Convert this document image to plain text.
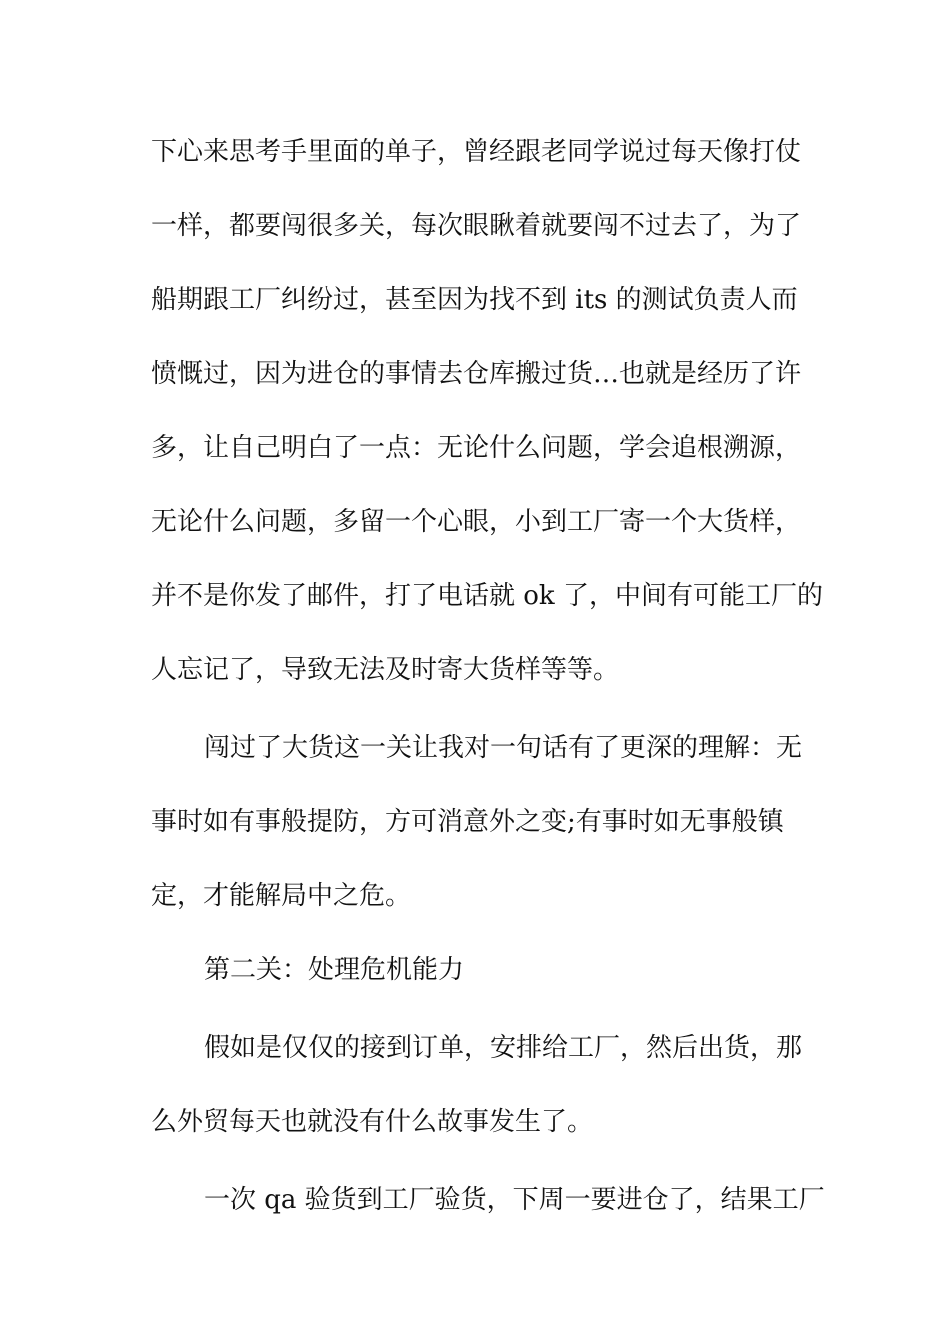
下心来思考手里面的单子，曾经跟老同学说过每天像打仗
一样，都要闯很多关，每次眼瞅着就要闯不过去了，为了
船期跟工厂纠纷过，甚至因为找不到 its 的测试负责人而
愤慨过，因为进仓的事情去仓库搬过货…也就是经历了许
多，让自己明白了一点：无论什么问题，学会追根溯源，
无论什么问题，多留一个心眼，小到工厂寄一个大货样，
并不是你发了邮件，打了电话就 ok 了，中间有可能工厂的
人忘记了，导致无法及时寄大货样等等。
闯过了大货这一关让我对一句话有了更深的理解：无
事时如有事般提防，方可消意外之变;有事时如无事般镇
定，才能解局中之危。
第二关：处理危机能力
假如是仅仅的接到订单，安排给工厂，然后出货，那
么外贸每天也就没有什么故事发生了。
一次 qa 验货到工厂验货，下周一要进仓了，结果工厂
